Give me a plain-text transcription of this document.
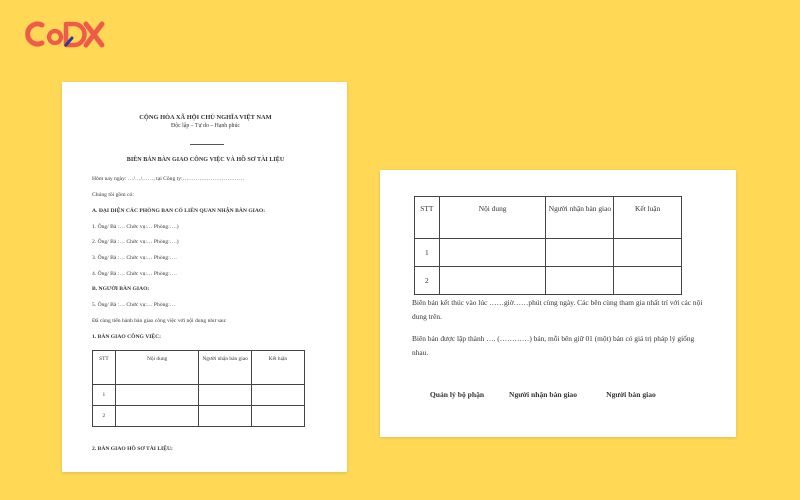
CỘNG HÒA XÃ HỘI CHỦ NGHĨA VIỆT NAM
Độc lập – Tự do – Hạnh phúc
BIÊN BẢN BÀN GIAO CÔNG VIỆC VÀ HỒ SƠ TÀI LIỆU
Hôm nay ngày: …/…/……, tại Công ty:……………………………
Chúng tôi gồm có:
A. ĐẠI DIỆN CÁC PHÒNG BAN CÓ LIÊN QUAN NHẬN BÀN GIAO:
1. Ông/ Bà :… Chức vụ:… Phòng:….)
2. Ông/ Bà :… Chức vụ:… Phòng:….)
3. Ông/ Bà :… Chức vụ:… Phòng:….
4. Ông/ Bà :… Chức vụ:… Phòng:….
B. NGƯỜI BÀN GIAO:
5. Ông/ Bà :… Chức vụ:… Phòng:…
Đã cùng tiến hành bàn giao công việc với nội dung như sau:
1. BÀN GIAO CÔNG VIỆC:
STT	Nội dung	Người nhận bàn giao	Kết luận
1			
2			
2. BÀN GIAO HỒ SƠ TÀI LIỆU:
STT	Nội dung	Người nhận bàn giao	Kết luận
1			
2			
Biên bản kết thúc vào lúc ……giờ……phút cùng ngày. Các bên cùng tham gia nhất trí với các nội dung trên.
Biên bản được lập thành …. (…………) bản, mỗi bên giữ 01 (một) bản có giá trị pháp lý giống nhau.
Quản lý bộ phận	Người nhận bàn giao	Người bàn giao
